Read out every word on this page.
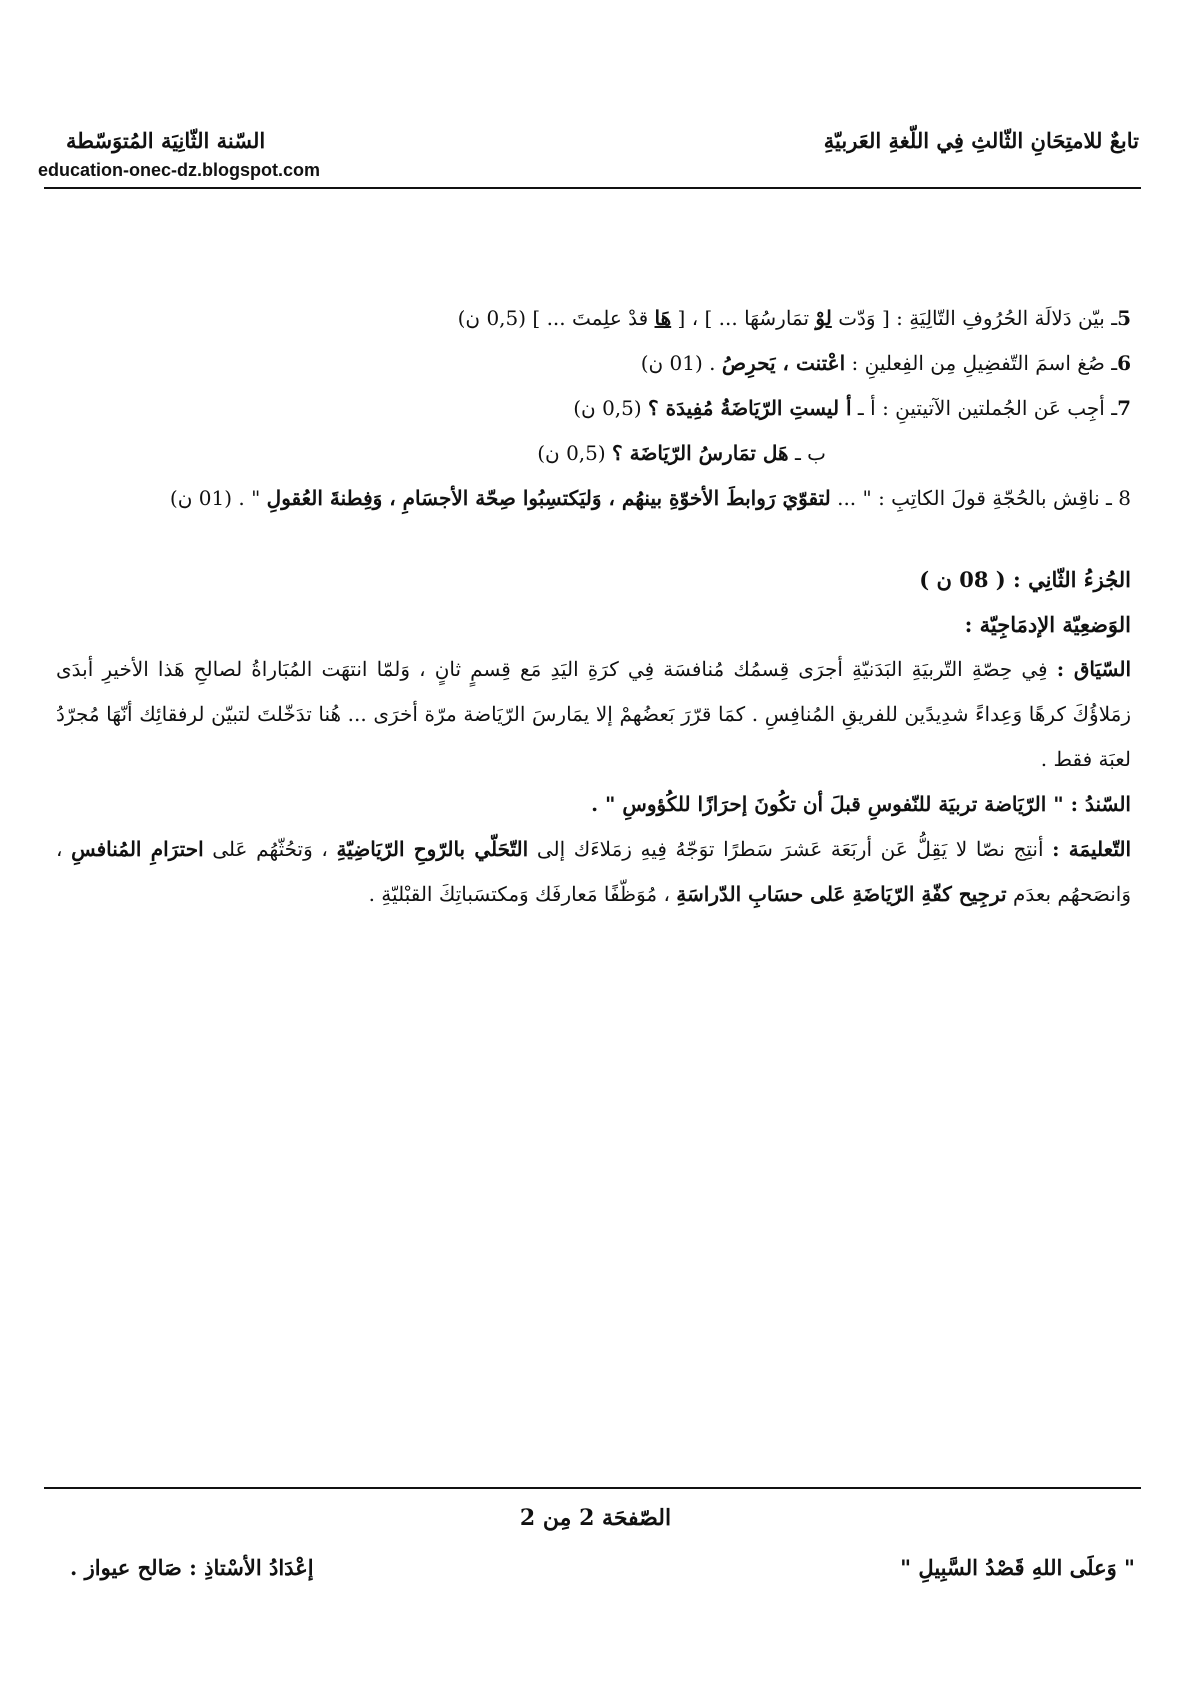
تابعٌ للامتِحَانِ الثّالثِ فِي اللّغةِ العَربيّةِ
السّنة الثّانِيَة المُتوَسّطة
education-onec-dz.blogspot.com
5ـ بيّن دَلالَة الحُرُوفِ التّالِيَةِ : [ وَدّت لوْ تمَارسُهَا ... ] ، [ هَا قدْ علِمتَ ... ] (0,5 ن)
6ـ صُغ اسمَ التّفضِيلِ مِن الفِعلينِ : اعْتنت ، يَحرِصُ . (01 ن)
7ـ أجِب عَن الجُملتين الآتيتينِ : أ ـ أ ليستِ الرّيَاضَةُ مُفِيدَة ؟ (0,5 ن)
ب ـ هَل تمَارسُ الرّيَاضَة ؟ (0,5 ن)
8 ـ ناقِش بالحُجّةِ قولَ الكاتِبِ : " ... لتقوّيَ رَوابطَ الأخوّةِ بينهُم ، وَليَكتسِبُوا صِحّة الأجسَامِ ، وَفِطنةَ العُقولِ " . (01 ن)
الجُزءُ الثّانِي : ( 08 ن )
الوَضعِيّة الإدمَاجِيّة :
السّيَاق : فِي حِصّةِ التّربيَةِ البَدَنيّةِ أجرَى قِسمُك مُنافسَة فِي كرَةِ اليَدِ مَع قِسمٍ ثانٍ ، وَلمّا انتهَت المُبَاراةُ لصالحِ هَذا الأخيرِ أبدَى زمَلاؤُكَ كرهًا وَعِداءً شدِيدًين للفريقِ المُنافِسِ . كمَا قرّرَ بَعضُهمْ إلا يمَارسَ الرّيَاضة مرّة أخرَى ... هُنا تدَخّلتَ لتبيّن لرفقائِك أنّهَا مُجرّدُ لعبَة فقط .
السّندُ : " الرّيَاضة تربيَة للنّفوسِ قبلَ أن تكُونَ إحرَازًا للكُؤوسِ " .
التّعليمَة : أنتِج نصّا لا يَقِلُّ عَن أربَعَة عَشرَ سَطرًا توَجّهُ فِيهِ زمَلاءَك إلى التّحَلّي بالرّوحِ الرّيَاضِيّةِ ، وَتحُثّهُم عَلى احترَامِ المُنافسِ ، وَانصَحهُم بعدَم ترجِيح كفّةِ الرّيَاضَةِ عَلى حسَابِ الدّراسَةِ ، مُوَظّفًا مَعارفَك وَمكتسَباتِكَ القبْليّةِ .
الصّفحَة 2 مِن 2
" وَعلَى اللهِ قَصْدُ السَّبِيلِ "
إعْدَادُ الأسْتاذِ : صَالح عيواز .
